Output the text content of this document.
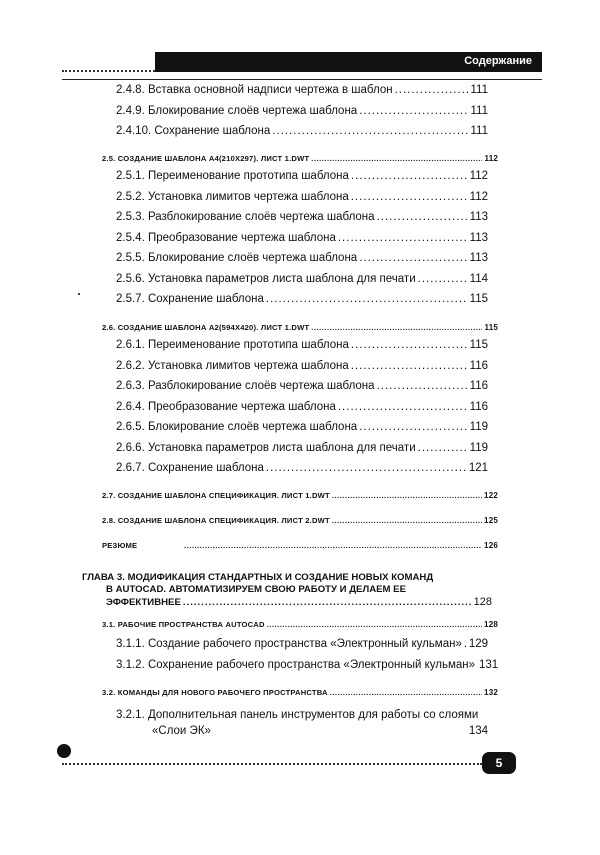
Содержание
2.4.8. Вставка основной надписи чертежа в шаблон .....	111
2.4.9. Блокирование слоёв чертежа шаблона .....	111
2.4.10. Сохранение шаблона .....	111
2.5. СОЗДАНИЕ ШАБЛОНА А4(210Х297). ЛИСТ 1.DWT .....	112
2.5.1. Переименование прототипа шаблона .....	112
2.5.2. Установка лимитов чертежа шаблона .....	112
2.5.3. Разблокирование слоёв чертежа шаблона .....	113
2.5.4. Преобразование чертежа шаблона .....	113
2.5.5. Блокирование слоёв чертежа шаблона .....	113
2.5.6. Установка параметров листа шаблона для печати .....	114
2.5.7. Сохранение шаблона .....	115
2.6. СОЗДАНИЕ ШАБЛОНА А2(594Х420). ЛИСТ 1.DWT .....	115
2.6.1. Переименование прототипа шаблона .....	115
2.6.2. Установка лимитов чертежа шаблона .....	116
2.6.3. Разблокирование слоёв чертежа шаблона .....	116
2.6.4. Преобразование чертежа шаблона .....	116
2.6.5. Блокирование слоёв чертежа шаблона .....	119
2.6.6. Установка параметров листа шаблона для печати .....	119
2.6.7. Сохранение шаблона .....	121
2.7. СОЗДАНИЕ ШАБЛОНА СПЕЦИФИКАЦИЯ. ЛИСТ 1.DWT .....	122
2.8. СОЗДАНИЕ ШАБЛОНА СПЕЦИФИКАЦИЯ. ЛИСТ 2.DWT .....	125
РЕЗЮМЕ .....	126
ГЛАВА 3. МОДИФИКАЦИЯ СТАНДАРТНЫХ И СОЗДАНИЕ НОВЫХ КОМАНД
В AUTOCAD. АВТОМАТИЗИРУЕМ СВОЮ РАБОТУ И ДЕЛАЕМ ЕЕ
ЭФФЕКТИВНЕЕ .....	128
3.1. РАБОЧИЕ ПРОСТРАНСТВА AUTOCAD .....	128
3.1.1. Создание рабочего пространства «Электронный кульман» ..... 129
3.1.2. Сохранение рабочего пространства «Электронный кульман» 131
3.2. КОМАНДЫ ДЛЯ НОВОГО РАБОЧЕГО ПРОСТРАНСТВА .....	132
3.2.1. Дополнительная панель инструментов для работы со слоями
«Слои ЭК»	134
5
